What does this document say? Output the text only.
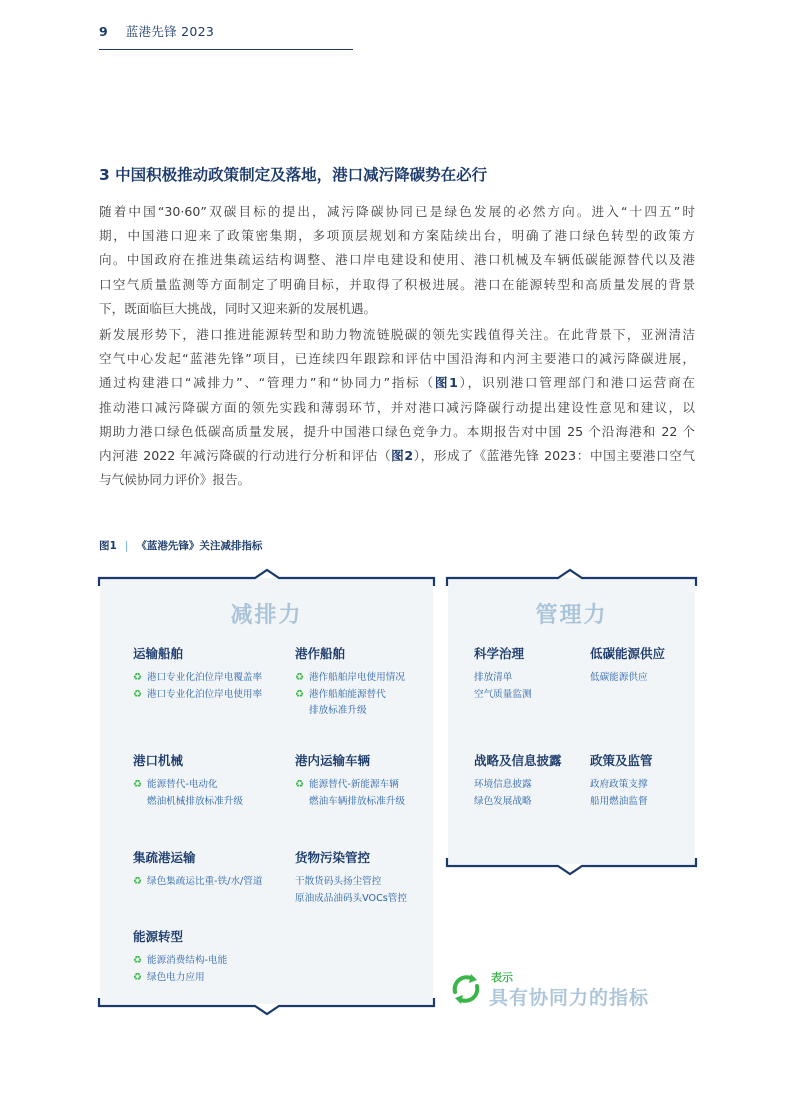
9 蓝港先锋 2023
3 中国积极推动政策制定及落地，港口减污降碳势在必行
随着中国“30·60”双碳目标的提出，减污降碳协同已是绿色发展的必然方向。进入“十四五”时
期，中国港口迎来了政策密集期，多项顶层规划和方案陆续出台，明确了港口绿色转型的政策方
向。中国政府在推进集疏运结构调整、港口岸电建设和使用、港口机械及车辆低碳能源替代以及港
口空气质量监测等方面制定了明确目标，并取得了积极进展。港口在能源转型和高质量发展的背景
下，既面临巨大挑战，同时又迎来新的发展机遇。
新发展形势下，港口推进能源转型和助力物流链脱碳的领先实践值得关注。在此背景下，亚洲清洁
空气中心发起“蓝港先锋”项目，已连续四年跟踪和评估中国沿海和内河主要港口的减污降碳进展，
通过构建港口“减排力”、“管理力”和“协同力”指标（图1），识别港口管理部门和港口运营商在
推动港口减污降碳方面的领先实践和薄弱环节，并对港口减污降碳行动提出建设性意见和建议，以
期助力港口绿色低碳高质量发展，提升中国港口绿色竞争力。本期报告对中国 25 个沿海港和 22 个
内河港 2022 年减污降碳的行动进行分析和评估（图2），形成了《蓝港先锋 2023：中国主要港口空气
与气候协同力评价》报告。
图1 | 《蓝港先锋》关注减排指标
减排力
运输船舶
♻ 港口专业化泊位岸电覆盖率
♻ 港口专业化泊位岸电使用率
港作船舶
♻ 港作船舶岸电使用情况
♻ 港作船舶能源替代
排放标准升级
港口机械
♻ 能源替代-电动化
燃油机械排放标准升级
港内运输车辆
♻ 能源替代-新能源车辆
燃油车辆排放标准升级
集疏港运输
♻ 绿色集疏运比重-铁/水/管道
货物污染管控
干散货码头扬尘管控
原油成品油码头VOCs管控
能源转型
♻ 能源消费结构-电能
♻ 绿色电力应用
管理力
科学治理
排放清单
空气质量监测
低碳能源供应
低碳能源供应
战略及信息披露
环境信息披露
绿色发展战略
政策及监管
政府政策支撑
船用燃油监督
表示
具有协同力的指标
